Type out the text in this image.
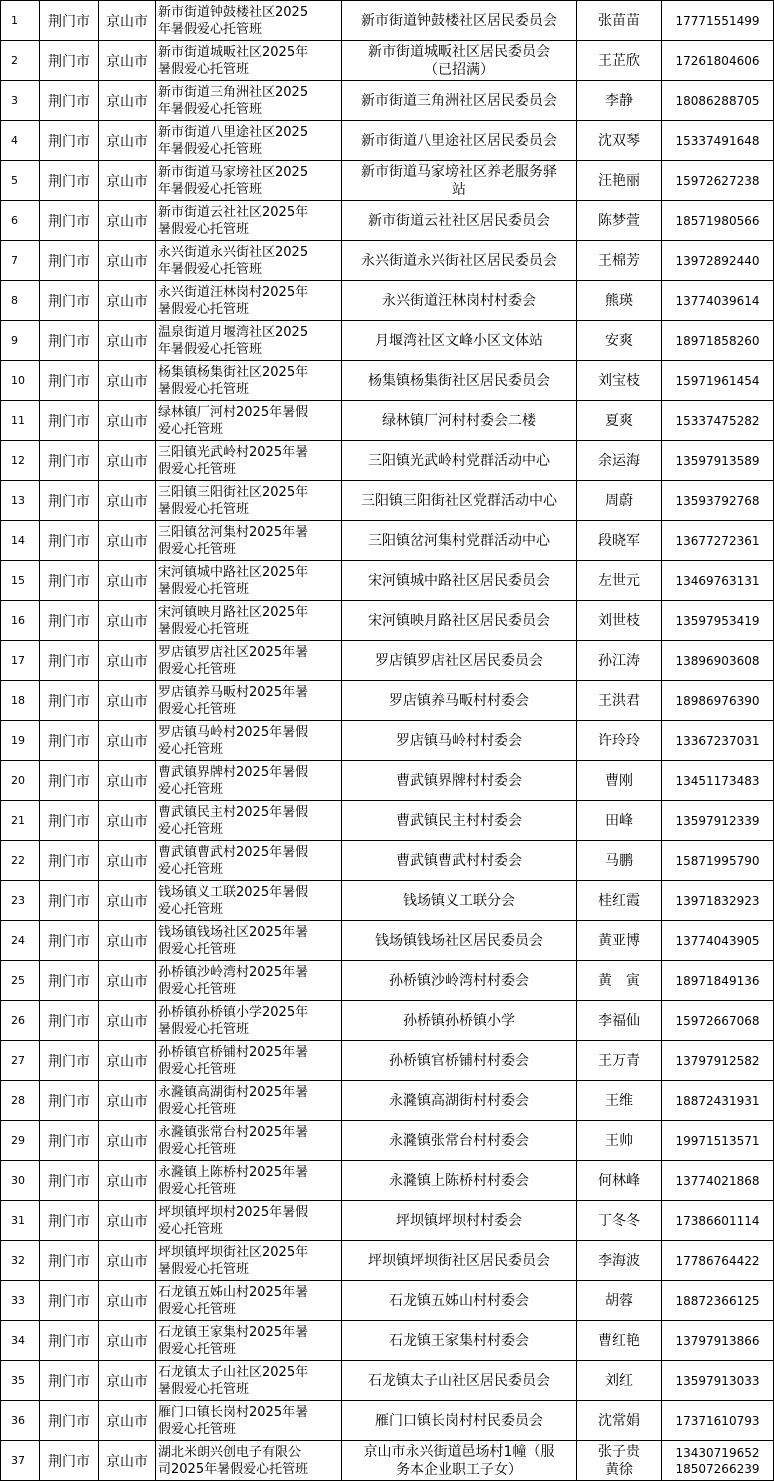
1	荆门市	京山市	新市街道钟鼓楼社区2025
年暑假爱心托管班	新市街道钟鼓楼社区居民委员会	张苗苗	17771551499

2	荆门市	京山市	新市街道城畈社区2025年
暑假爱心托管班	新市街道城畈社区居民委员会
（已招满）	王芷欣	17261804606

3	荆门市	京山市	新市街道三角洲社区2025
年暑假爱心托管班	新市街道三角洲社区居民委员会	李静	18086288705

4	荆门市	京山市	新市街道八里途社区2025
年暑假爱心托管班	新市街道八里途社区居民委员会	沈双琴	15337491648

5	荆门市	京山市	新市街道马家塝社区2025
年暑假爱心托管班	新市街道马家塝社区养老服务驿
站	汪艳丽	15972627238

6	荆门市	京山市	新市街道云社社区2025年
暑假爱心托管班	新市街道云社社区居民委员会	陈梦萱	18571980566

7	荆门市	京山市	永兴街道永兴街社区2025
年暑假爱心托管班	永兴街道永兴街社区居民委员会	王棉芳	13972892440

8	荆门市	京山市	永兴街道汪林岗村2025年
暑假爱心托管班	永兴街道汪林岗村村委会	熊瑛	13774039614

9	荆门市	京山市	温泉街道月堰湾社区2025
年暑假爱心托管班	月堰湾社区文峰小区文体站	安爽	18971858260

10	荆门市	京山市	杨集镇杨集街社区2025年
暑假爱心托管班	杨集镇杨集街社区居民委员会	刘宝枝	15971961454

11	荆门市	京山市	绿林镇厂河村2025年暑假
爱心托管班	绿林镇厂河村村委会二楼	夏爽	15337475282

12	荆门市	京山市	三阳镇光武岭村2025年暑
假爱心托管班	三阳镇光武岭村党群活动中心	余运海	13597913589

13	荆门市	京山市	三阳镇三阳街社区2025年
暑假爱心托管班	三阳镇三阳街社区党群活动中心	周蔚	13593792768

14	荆门市	京山市	三阳镇岔河集村2025年暑
假爱心托管班	三阳镇岔河集村党群活动中心	段晓军	13677272361

15	荆门市	京山市	宋河镇城中路社区2025年
暑假爱心托管班	宋河镇城中路社区居民委员会	左世元	13469763131

16	荆门市	京山市	宋河镇映月路社区2025年
暑假爱心托管班	宋河镇映月路社区居民委员会	刘世枝	13597953419

17	荆门市	京山市	罗店镇罗店社区2025年暑
假爱心托管班	罗店镇罗店社区居民委员会	孙江涛	13896903608

18	荆门市	京山市	罗店镇养马畈村2025年暑
假爱心托管班	罗店镇养马畈村村委会	王洪君	18986976390

19	荆门市	京山市	罗店镇马岭村2025年暑假
爱心托管班	罗店镇马岭村村委会	许玲玲	13367237031

20	荆门市	京山市	曹武镇界牌村2025年暑假
爱心托管班	曹武镇界牌村村委会	曹刚	13451173483

21	荆门市	京山市	曹武镇民主村2025年暑假
爱心托管班	曹武镇民主村村委会	田峰	13597912339

22	荆门市	京山市	曹武镇曹武村2025年暑假
爱心托管班	曹武镇曹武村村委会	马鹏	15871995790

23	荆门市	京山市	钱场镇义工联2025年暑假
爱心托管班	钱场镇义工联分会	桂红霞	13971832923

24	荆门市	京山市	钱场镇钱场社区2025年暑
假爱心托管班	钱场镇钱场社区居民委员会	黄亚博	13774043905

25	荆门市	京山市	孙桥镇沙岭湾村2025年暑
假爱心托管班	孙桥镇沙岭湾村村委会	黄　寅	18971849136

26	荆门市	京山市	孙桥镇孙桥镇小学2025年
暑假爱心托管班	孙桥镇孙桥镇小学	李福仙	15972667068

27	荆门市	京山市	孙桥镇官桥铺村2025年暑
假爱心托管班	孙桥镇官桥铺村村委会	王万青	13797912582

28	荆门市	京山市	永漋镇高湖街村2025年暑
假爱心托管班	永漋镇高湖街村村委会	王维	18872431931

29	荆门市	京山市	永漋镇张常台村2025年暑
假爱心托管班	永漋镇张常台村村委会	王帅	19971513571

30	荆门市	京山市	永漋镇上陈桥村2025年暑
假爱心托管班	永漋镇上陈桥村村委会	何林峰	13774021868

31	荆门市	京山市	坪坝镇坪坝村2025年暑假
爱心托管班	坪坝镇坪坝村村委会	丁冬冬	17386601114

32	荆门市	京山市	坪坝镇坪坝街社区2025年
暑假爱心托管班	坪坝镇坪坝街社区居民委员会	李海波	17786764422

33	荆门市	京山市	石龙镇五姊山村2025年暑
假爱心托管班	石龙镇五姊山村村委会	胡蓉	18872366125

34	荆门市	京山市	石龙镇王家集村2025年暑
假爱心托管班	石龙镇王家集村村委会	曹红艳	13797913866

35	荆门市	京山市	石龙镇太子山社区2025年
暑假爱心托管班	石龙镇太子山社区居民委员会	刘红	13597913033

36	荆门市	京山市	雁门口镇长岗村2025年暑
假爱心托管班	雁门口镇长岗村村民委员会	沈常娟	17371610793

37	荆门市	京山市	湖北米朗兴创电子有限公
司2025年暑假爱心托管班	京山市永兴街道邑场村1幢（服
务本企业职工子女）	张子贵
黄徐	13430719652
18507266239
